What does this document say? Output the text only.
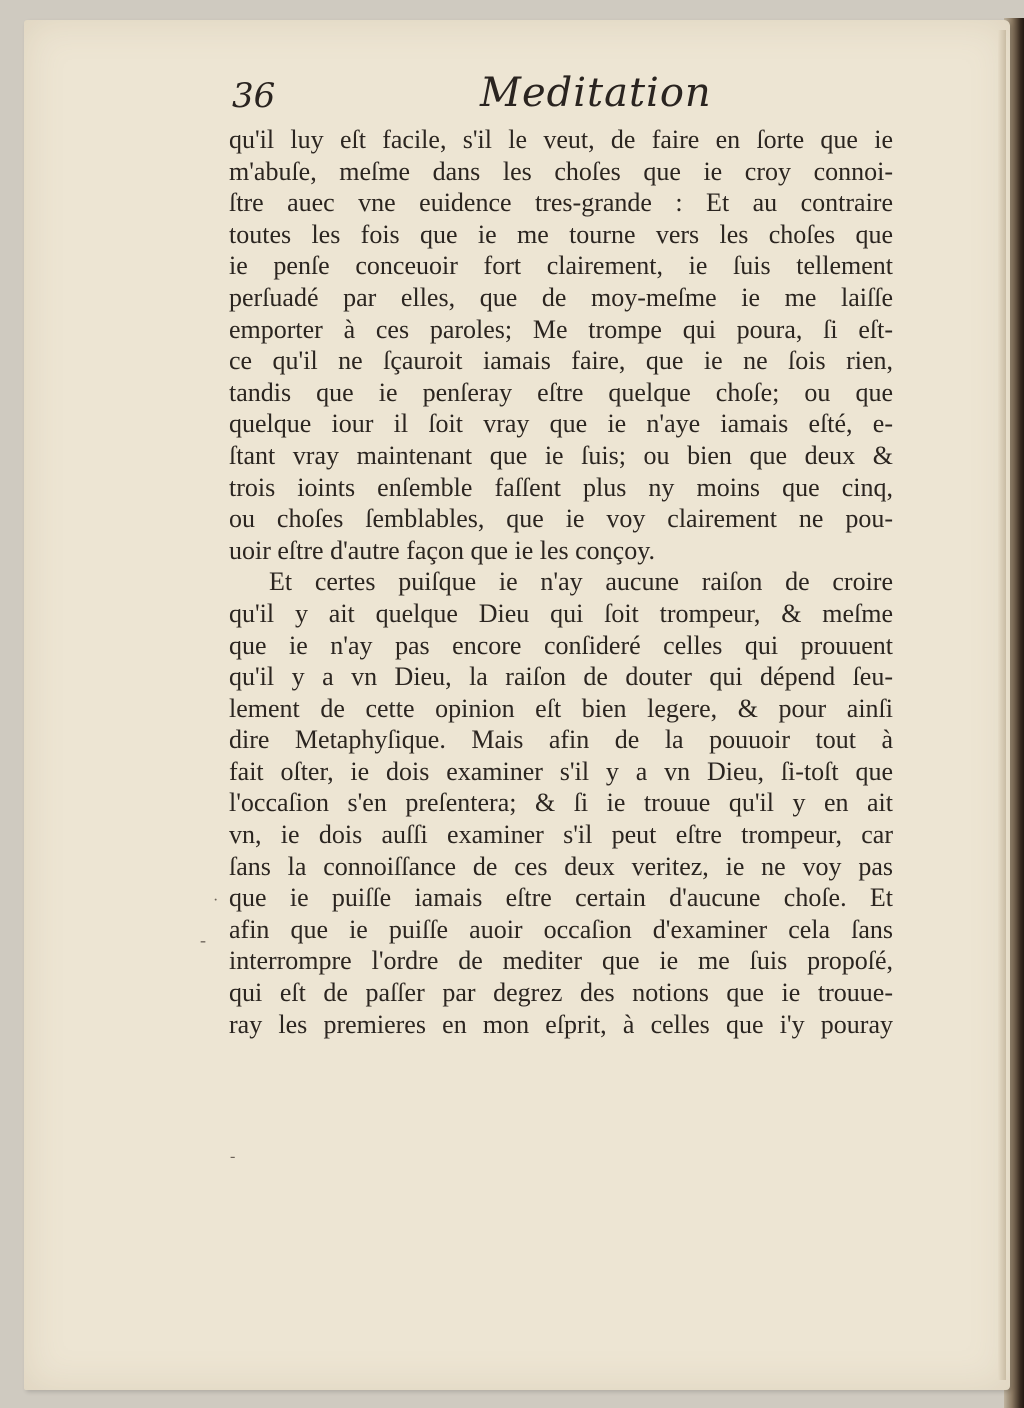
36	Meditation
qu'il luy eſt facile, s'il le veut, de faire en ſorte que ie
m'abuſe, meſme dans les choſes que ie croy connoi-
ſtre auec vne euidence tres-grande : Et au contraire
toutes les fois que ie me tourne vers les choſes que
ie penſe conceuoir fort clairement, ie ſuis tellement
perſuadé par elles, que de moy-meſme ie me laiſſe
emporter à ces paroles; Me trompe qui poura, ſi eſt-
ce qu'il ne ſçauroit iamais faire, que ie ne ſois rien,
tandis que ie penſeray eſtre quelque choſe; ou que
quelque iour il ſoit vray que ie n'aye iamais eſté, e-
ſtant vray maintenant que ie ſuis; ou bien que deux &
trois ioints enſemble faſſent plus ny moins que cinq,
ou choſes ſemblables, que ie voy clairement ne pou-
uoir eſtre d'autre façon que ie les conçoy.
Et certes puiſque ie n'ay aucune raiſon de croire
qu'il y ait quelque Dieu qui ſoit trompeur, & meſme
que ie n'ay pas encore conſideré celles qui prouuent
qu'il y a vn Dieu, la raiſon de douter qui dépend ſeu-
lement de cette opinion eſt bien legere, & pour ainſi
dire Metaphyſique. Mais afin de la pouuoir tout à
fait oſter, ie dois examiner s'il y a vn Dieu, ſi-toſt que
l'occaſion s'en preſentera; & ſi ie trouue qu'il y en ait
vn, ie dois auſſi examiner s'il peut eſtre trompeur, car
ſans la connoiſſance de ces deux veritez, ie ne voy pas
que ie puiſſe iamais eſtre certain d'aucune choſe. Et
afin que ie puiſſe auoir occaſion d'examiner cela ſans
interrompre l'ordre de mediter que ie me ſuis propoſé,
qui eſt de paſſer par degrez des notions que ie trouue-
ray les premieres en mon eſprit, à celles que i'y pouray
-
·
-
